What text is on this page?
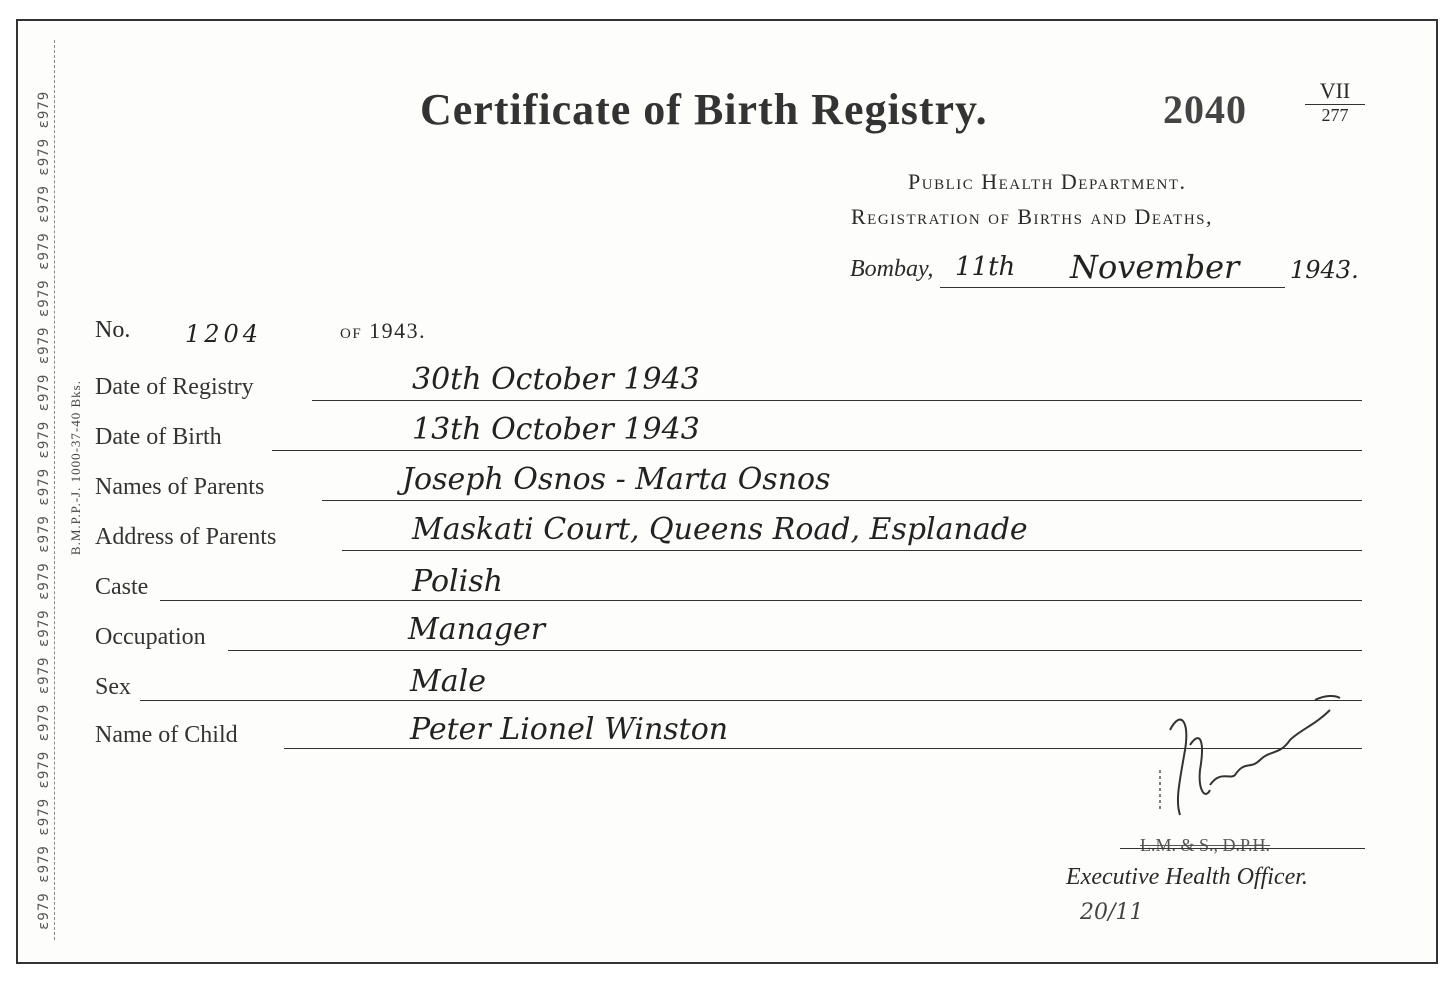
ɛ979 ɛ979 ɛ979 ɛ979 ɛ979 ɛ979 ɛ979 ɛ979 ɛ979 ɛ979 ɛ979 ɛ979 ɛ979 ɛ979 ɛ979 ɛ979 ɛ979 ɛ979	B.M.P.P.-J. 1000-37-40 Bks.
Certificate of Birth Registry.	2040	VII
277
Public Health Department.
Registration of Births and Deaths,
Bombay, 11th November 1943.
No. 1204	of 1943.
Date of Registry	30th October 1943
Date of Birth	13th October 1943
Names of Parents	Joseph Osnos - Marta Osnos
Address of Parents	Maskati Court, Queens Road, Esplanade
Caste	Polish
Occupation	Manager
Sex	Male
Name of Child	Peter Lionel Winston
L.M. & S., D.P.H.
Executive Health Officer.
20/11
